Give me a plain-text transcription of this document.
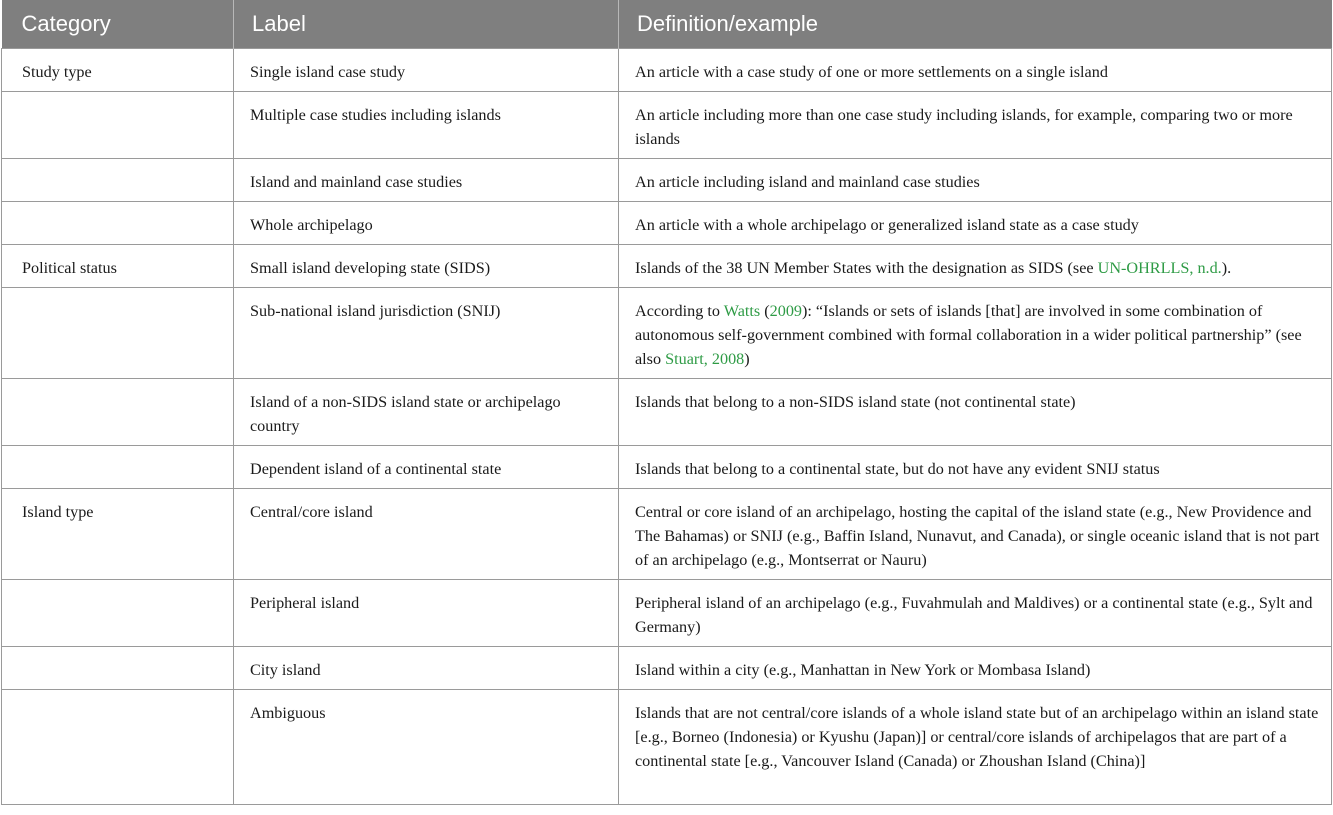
Category	Label	Definition/example
Study type	Single island case study	An article with a case study of one or more settlements on a single island
	Multiple case studies including islands	An article including more than one case study including islands, for example, comparing two or more islands
	Island and mainland case studies	An article including island and mainland case studies
	Whole archipelago	An article with a whole archipelago or generalized island state as a case study
Political status	Small island developing state (SIDS)	Islands of the 38 UN Member States with the designation as SIDS (see UN-OHRLLS, n.d.).
	Sub-national island jurisdiction (SNIJ)	According to Watts (2009): “Islands or sets of islands [that] are involved in some combination of autonomous self-government combined with formal collaboration in a wider political partnership” (see also Stuart, 2008)
	Island of a non-SIDS island state or archipelago country	Islands that belong to a non-SIDS island state (not continental state)
	Dependent island of a continental state	Islands that belong to a continental state, but do not have any evident SNIJ status
Island type	Central/core island	Central or core island of an archipelago, hosting the capital of the island state (e.g., New Providence and The Bahamas) or SNIJ (e.g., Baffin Island, Nunavut, and Canada), or single oceanic island that is not part of an archipelago (e.g., Montserrat or Nauru)
	Peripheral island	Peripheral island of an archipelago (e.g., Fuvahmulah and Maldives) or a continental state (e.g., Sylt and Germany)
	City island	Island within a city (e.g., Manhattan in New York or Mombasa Island)
	Ambiguous	Islands that are not central/core islands of a whole island state but of an archipelago within an island state [e.g., Borneo (Indonesia) or Kyushu (Japan)] or central/core islands of archipelagos that are part of a continental state [e.g., Vancouver Island (Canada) or Zhoushan Island (China)]
